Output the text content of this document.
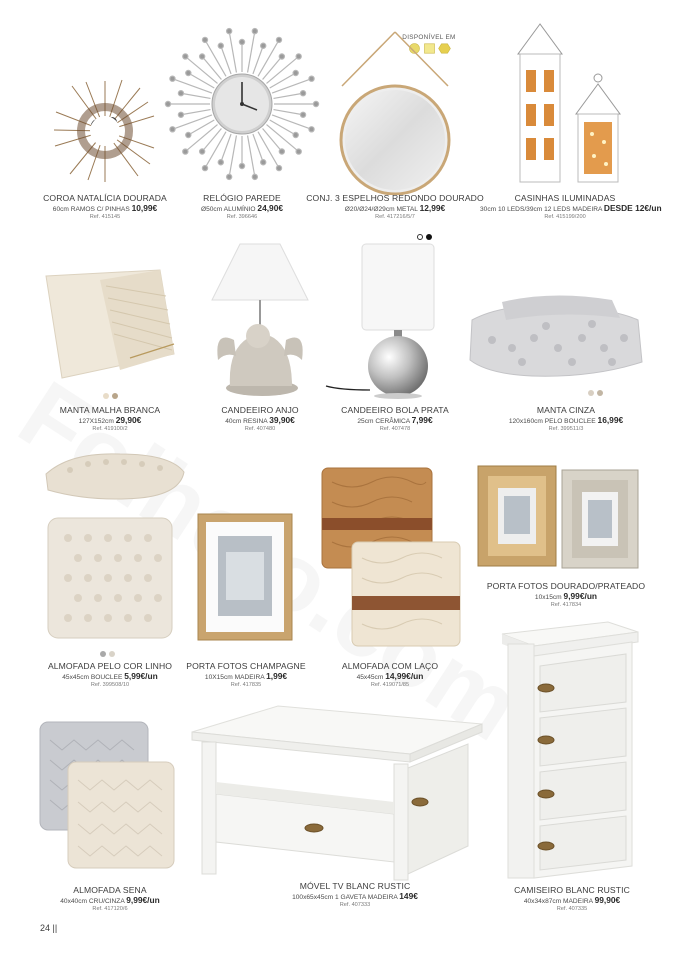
DISPONÍVEL EM
COROA NATALÍCIA DOURADA
60cm RAMOS C/ PINHAS 10,99€
Ref. 415145
RELÓGIO PAREDE
Ø50cm ALUMÍNIO 24,90€
Ref. 396646
CONJ. 3 ESPELHOS REDONDO DOURADO
Ø20/Ø24/Ø29cm METAL 12,99€
Ref. 417216/5/7
CASINHAS ILUMINADAS
30cm 10 LEDS/39cm 12 LEDS MADEIRA DESDE 12€/un
Ref. 415199/200
MANTA MALHA BRANCA
127X152cm 29,90€
Ref. 419100/2
CANDEEIRO ANJO
40cm RESINA 39,90€
Ref. 407480
CANDEEIRO BOLA PRATA
25cm CERÂMICA 7,99€
Ref. 407478
MANTA CINZA
120x160cm PELO BOUCLEE 16,99€
Ref. 399511/3
ALMOFADA PELO COR LINHO
45x45cm BOUCLEE 5,99€/un
Ref. 399508/10
PORTA FOTOS CHAMPAGNE
10X15cm MADEIRA 1,99€
Ref. 417835
ALMOFADA COM LAÇO
45x45cm 14,99€/un
Ref. 419071/85
PORTA FOTOS DOURADO/PRATEADO
10x15cm 9,99€/un
Ref. 417834
ALMOFADA SENA
40x40cm CRU/CINZA 9,99€/un
Ref. 417120/6
MÓVEL TV BLANC RUSTIC
100x65x45cm 1 GAVETA MADEIRA 149€
Ref. 407333
CAMISEIRO BLANC RUSTIC
40x34x87cm MADEIRA 99,90€
Ref. 407335
24 ||
